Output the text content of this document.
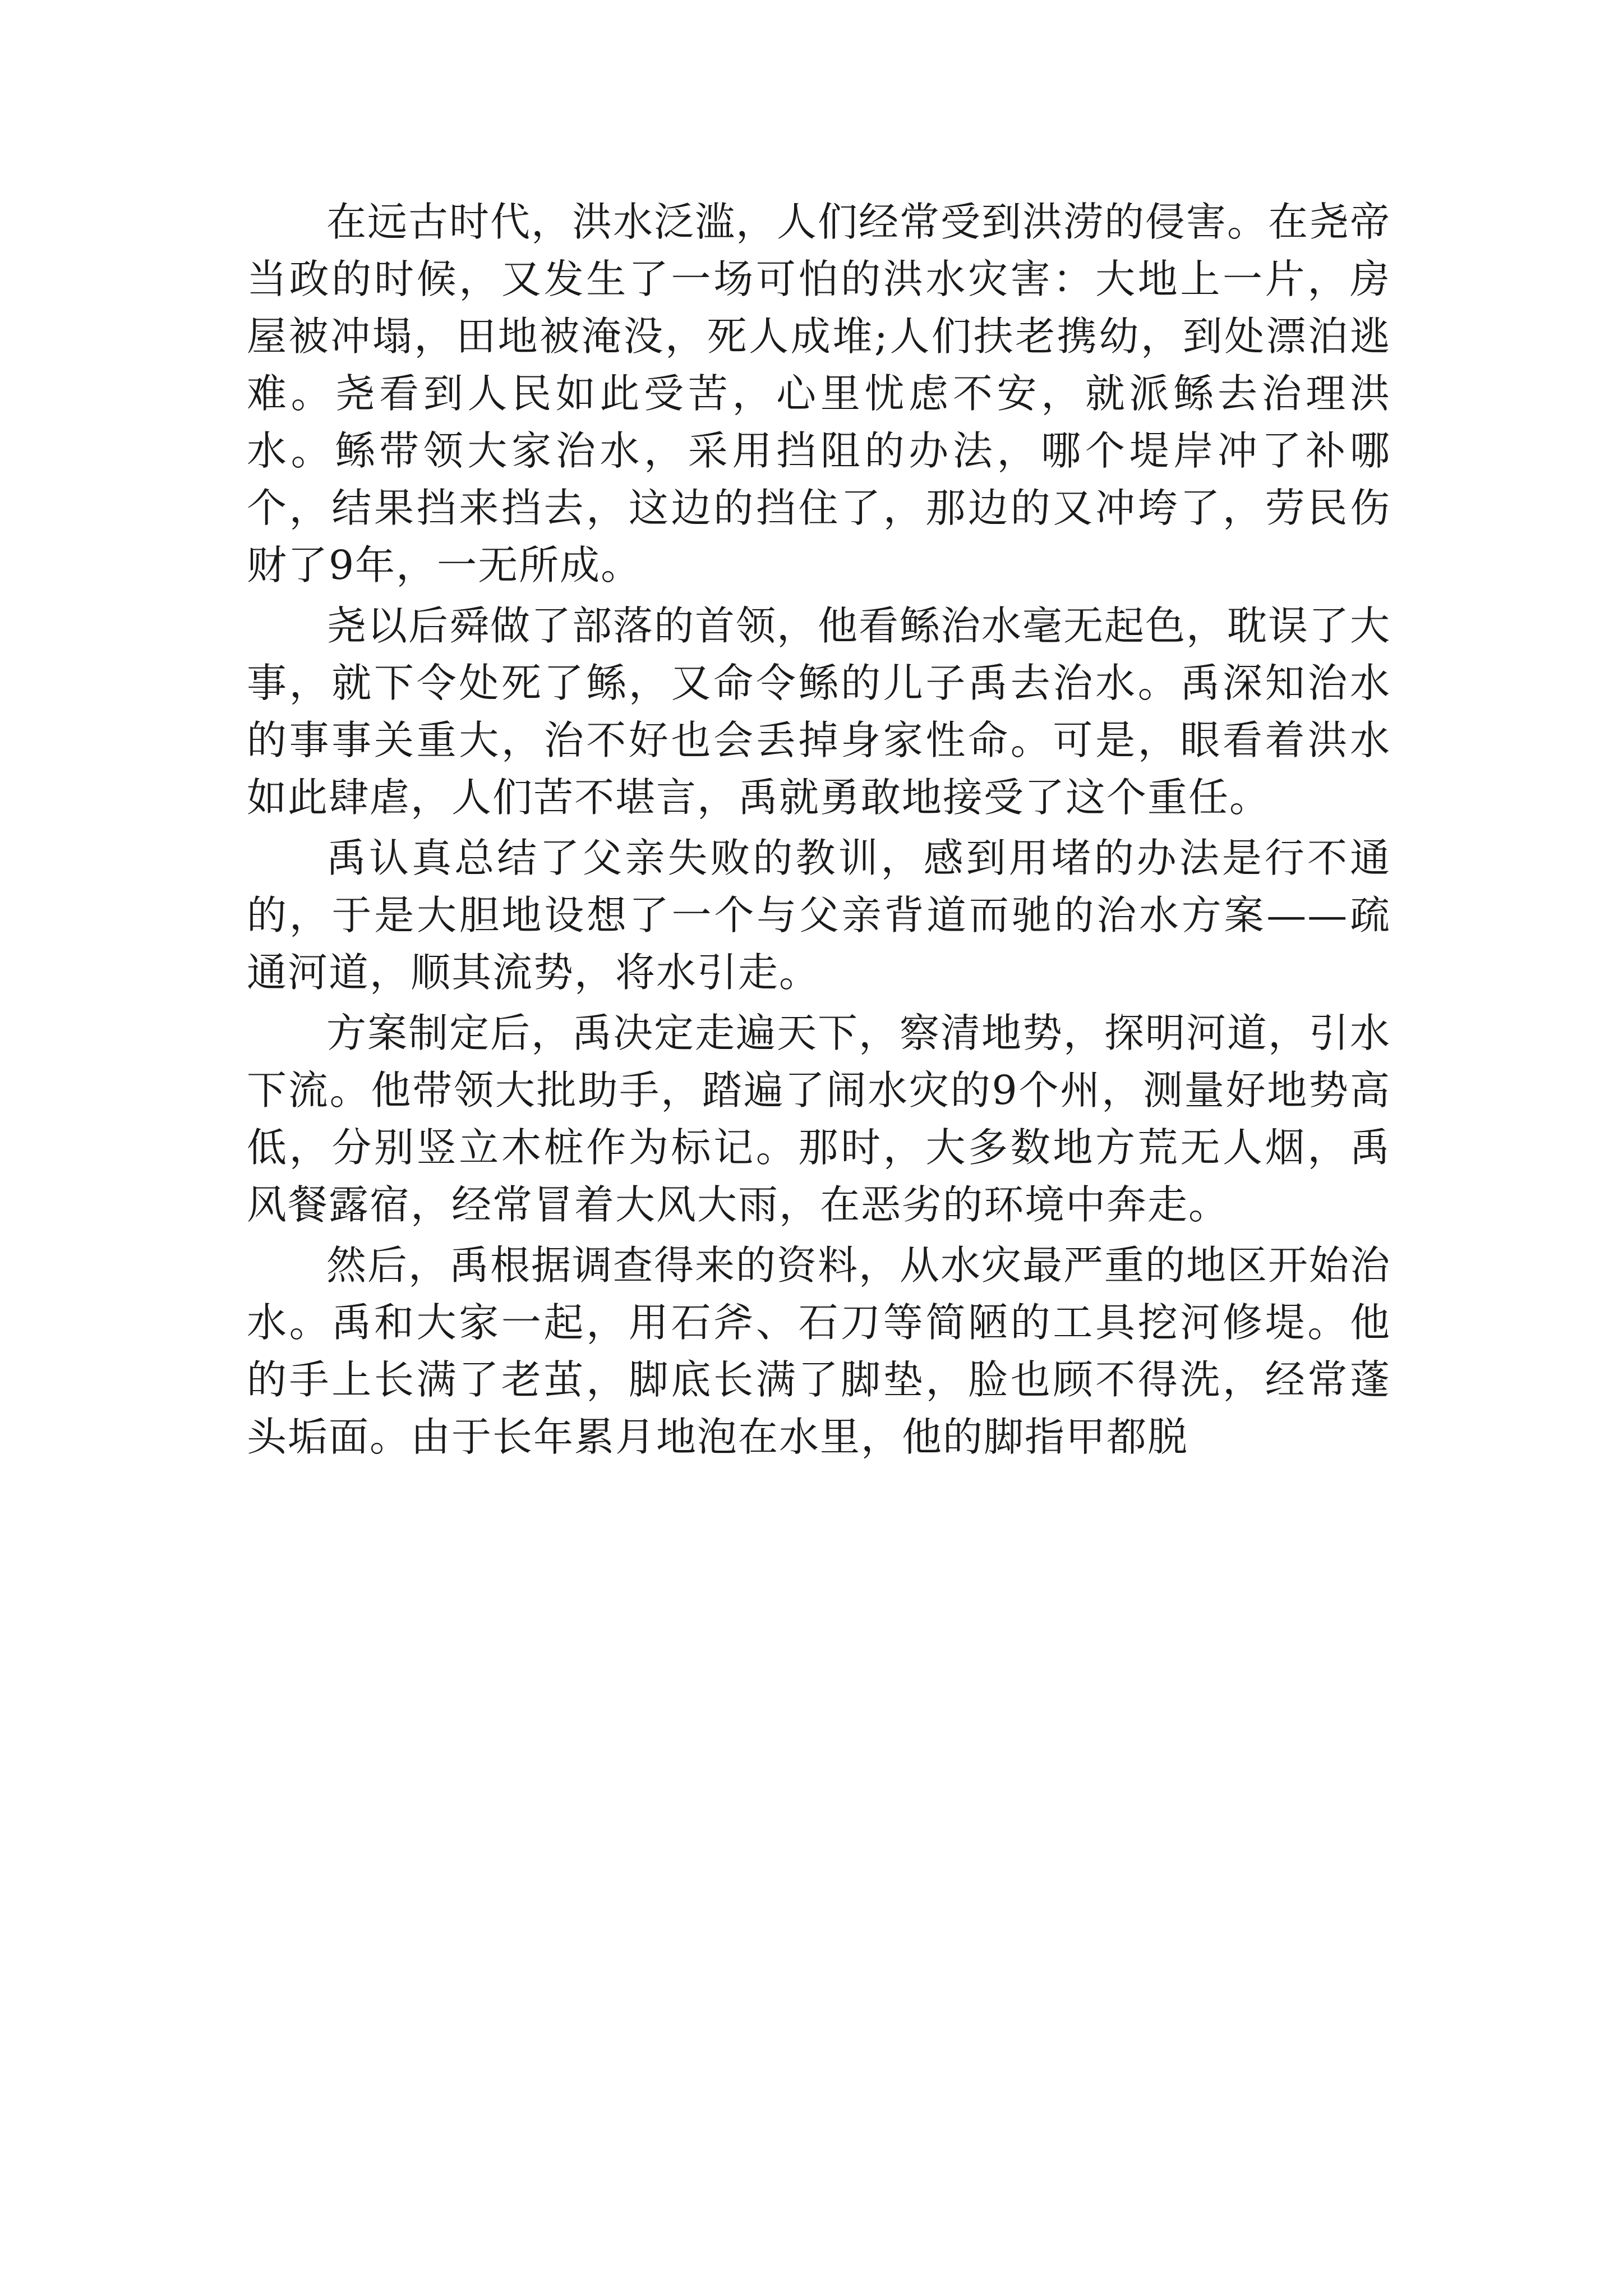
在远古时代，洪水泛滥，人们经常受到洪涝的侵害。在尧帝当政的时候，又发生了一场可怕的洪水灾害：大地上一片，房屋被冲塌，田地被淹没，死人成堆;人们扶老携幼，到处漂泊逃难。尧看到人民如此受苦，心里忧虑不安，就派鲧去治理洪水。鲧带领大家治水，采用挡阻的办法，哪个堤岸冲了补哪个，结果挡来挡去，这边的挡住了，那边的又冲垮了，劳民伤财了9年，一无所成。

尧以后舜做了部落的首领，他看鲧治水毫无起色，耽误了大事，就下令处死了鲧，又命令鲧的儿子禹去治水。禹深知治水的事事关重大，治不好也会丢掉身家性命。可是，眼看着洪水如此肆虐，人们苦不堪言，禹就勇敢地接受了这个重任。

禹认真总结了父亲失败的教训，感到用堵的办法是行不通的，于是大胆地设想了一个与父亲背道而驰的治水方案——疏通河道，顺其流势，将水引走。

方案制定后，禹决定走遍天下，察清地势，探明河道，引水下流。他带领大批助手，踏遍了闹水灾的9个州，测量好地势高低，分别竖立木桩作为标记。那时，大多数地方荒无人烟，禹风餐露宿，经常冒着大风大雨，在恶劣的环境中奔走。

然后，禹根据调查得来的资料，从水灾最严重的地区开始治水。禹和大家一起，用石斧、石刀等简陋的工具挖河修堤。他的手上长满了老茧，脚底长满了脚垫，脸也顾不得洗，经常蓬头垢面。由于长年累月地泡在水里，他的脚指甲都脱
